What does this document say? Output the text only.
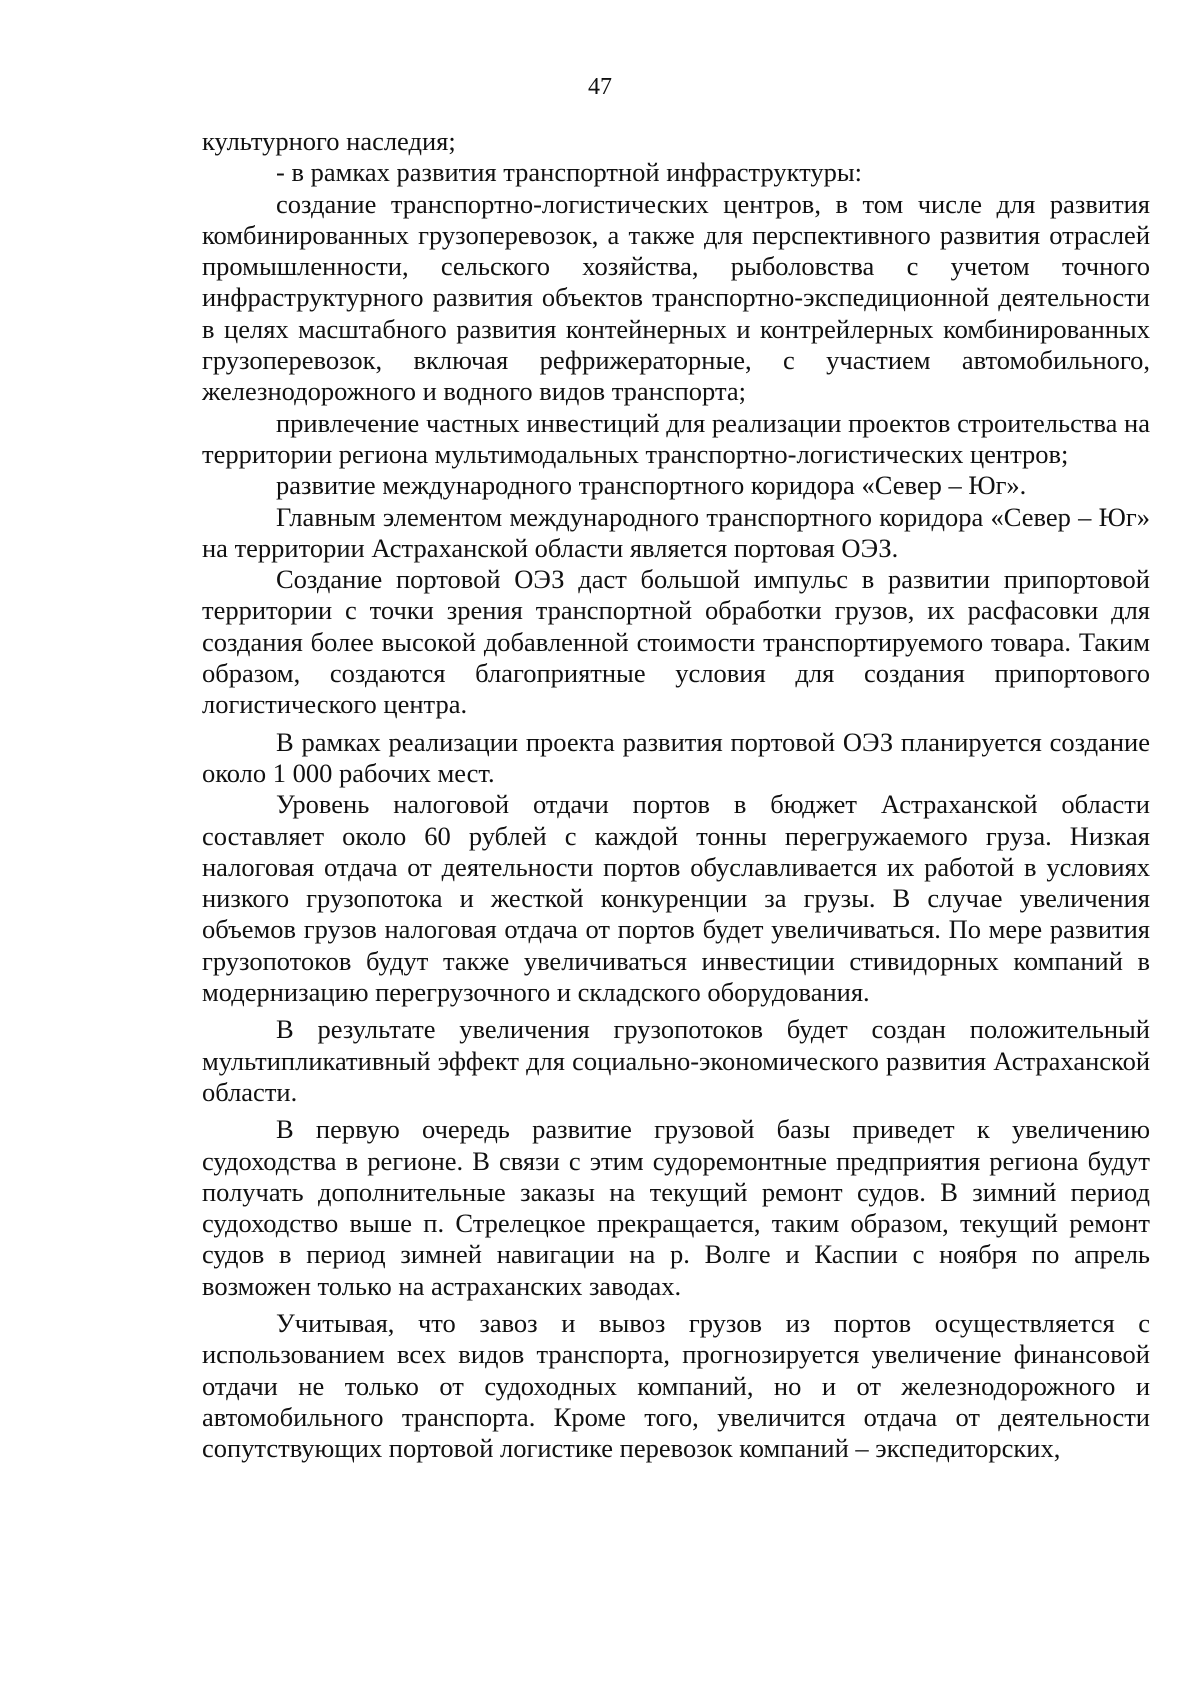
47

культурного наследия;

- в рамках развития транспортной инфраструктуры:

создание транспортно-логистических центров, в том числе для развития комбинированных грузоперевозок, а также для перспективного развития отраслей промышленности, сельского хозяйства, рыболовства с учетом точного инфраструктурного развития объектов транспортно-экспедиционной деятельности в целях масштабного развития контейнерных и контрейлерных комбинированных грузоперевозок, включая рефрижераторные, с участием автомобильного, железнодорожного и водного видов транспорта;

привлечение частных инвестиций для реализации проектов строительства на территории региона мультимодальных транспортно-логистических центров;

развитие международного транспортного коридора «Север – Юг».

Главным элементом международного транспортного коридора «Север – Юг» на территории Астраханской области является портовая ОЭЗ.

Создание портовой ОЭЗ даст большой импульс в развитии припортовой территории с точки зрения транспортной обработки грузов, их расфасовки для создания более высокой добавленной стоимости транспортируемого товара. Таким образом, создаются благоприятные условия для создания припортового логистического центра.

В рамках реализации проекта развития портовой ОЭЗ планируется создание около 1 000 рабочих мест.

Уровень налоговой отдачи портов в бюджет Астраханской области составляет около 60 рублей с каждой тонны перегружаемого груза. Низкая налоговая отдача от деятельности портов обуславливается их работой в условиях низкого грузопотока и жесткой конкуренции за грузы. В случае увеличения объемов грузов налоговая отдача от портов будет увеличиваться. По мере развития грузопотоков будут также увеличиваться инвестиции стивидорных компаний в модернизацию перегрузочного и складского оборудования.

В результате увеличения грузопотоков будет создан положительный мультипликативный эффект для социально-экономического развития Астраханской области.

В первую очередь развитие грузовой базы приведет к увеличению судоходства в регионе. В связи с этим судоремонтные предприятия региона будут получать дополнительные заказы на текущий ремонт судов. В зимний период судоходство выше п. Стрелецкое прекращается, таким образом, текущий ремонт судов в период зимней навигации на р. Волге и Каспии с ноября по апрель возможен только на астраханских заводах.

Учитывая, что завоз и вывоз грузов из портов осуществляется с использованием всех видов транспорта, прогнозируется увеличение финансовой отдачи не только от судоходных компаний, но и от железнодорожного и автомобильного транспорта. Кроме того, увеличится отдача от деятельности сопутствующих портовой логистике перевозок компаний – экспедиторских,
